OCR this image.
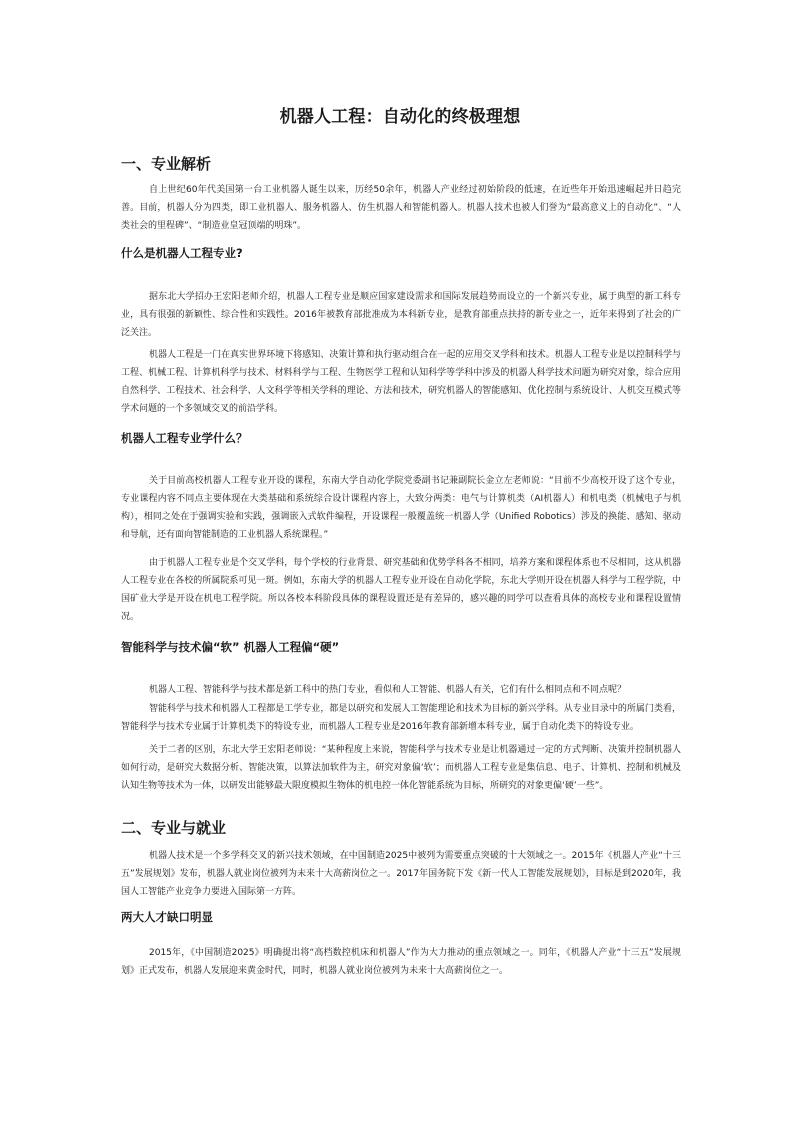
机器人工程：自动化的终极理想
一、专业解析
自上世纪60年代美国第一台工业机器人诞生以来，历经50余年，机器人产业经过初始阶段的低速，在近些年开始迅速崛起并日趋完善。目前，机器人分为四类，即工业机器人、服务机器人、仿生机器人和智能机器人。机器人技术也被人们誉为“最高意义上的自动化”、“人类社会的里程碑”、“制造业皇冠顶端的明珠”。
什么是机器人工程专业?
据东北大学招办王宏阳老师介绍，机器人工程专业是顺应国家建设需求和国际发展趋势而设立的一个新兴专业，属于典型的新工科专业，具有很强的新颖性、综合性和实践性。2016年被教育部批准成为本科新专业，是教育部重点扶持的新专业之一，近年来得到了社会的广泛关注。
机器人工程是一门在真实世界环境下将感知、决策计算和执行驱动组合在一起的应用交叉学科和技术。机器人工程专业是以控制科学与工程、机械工程、计算机科学与技术、材料科学与工程、生物医学工程和认知科学等学科中涉及的机器人科学技术问题为研究对象，综合应用自然科学、工程技术、社会科学、人文科学等相关学科的理论、方法和技术，研究机器人的智能感知、优化控制与系统设计、人机交互模式等学术问题的一个多领域交叉的前沿学科。
机器人工程专业学什么？
关于目前高校机器人工程专业开设的课程，东南大学自动化学院党委副书记兼副院长金立左老师说：“目前不少高校开设了这个专业，专业课程内容不同点主要体现在大类基础和系统综合设计课程内容上，大致分两类：电气与计算机类（AI机器人）和机电类（机械电子与机构），相同之处在于强调实验和实践，强调嵌入式软件编程，开设课程一般覆盖统一机器人学（Unified Robotics）涉及的换能、感知、驱动和导航，还有面向智能制造的工业机器人系统课程。”
由于机器人工程专业是个交叉学科，每个学校的行业背景、研究基础和优势学科各不相同，培养方案和课程体系也不尽相同，这从机器人工程专业在各校的所属院系可见一斑。例如，东南大学的机器人工程专业开设在自动化学院，东北大学则开设在机器人科学与工程学院，中国矿业大学是开设在机电工程学院。所以各校本科阶段具体的课程设置还是有差异的，感兴趣的同学可以查看具体的高校专业和课程设置情况。
智能科学与技术偏“软” 机器人工程偏“硬”
机器人工程、智能科学与技术都是新工科中的热门专业，看似和人工智能、机器人有关，它们有什么相同点和不同点呢？
智能科学与技术和机器人工程都是工学专业，都是以研究和发展人工智能理论和技术为目标的新兴学科。从专业目录中的所属门类看，智能科学与技术专业属于计算机类下的特设专业，而机器人工程专业是2016年教育部新增本科专业，属于自动化类下的特设专业。
关于二者的区别，东北大学王宏阳老师说：“某种程度上来说，智能科学与技术专业是让机器通过一定的方式判断、决策并控制机器人如何行动，是研究大数据分析、智能决策，以算法加软件为主，研究对象偏‘软’；而机器人工程专业是集信息、电子、计算机、控制和机械及认知生物等技术为一体，以研发出能够最大限度模拟生物体的机电控一体化智能系统为目标，所研究的对象更偏‘硬’一些”。
二、专业与就业
机器人技术是一个多学科交叉的新兴技术领域，在中国制造2025中被列为需要重点突破的十大领域之一。2015年《机器人产业“十三五”发展规划》发布，机器人就业岗位被列为未来十大高薪岗位之一。2017年国务院下发《新一代人工智能发展规划》，目标是到2020年，我国人工智能产业竞争力要进入国际第一方阵。
两大人才缺口明显
2015年，《中国制造2025》明确提出将“高档数控机床和机器人”作为大力推动的重点领域之一。同年，《机器人产业“十三五”发展规划》正式发布，机器人发展迎来黄金时代，同时，机器人就业岗位被列为未来十大高薪岗位之一。
